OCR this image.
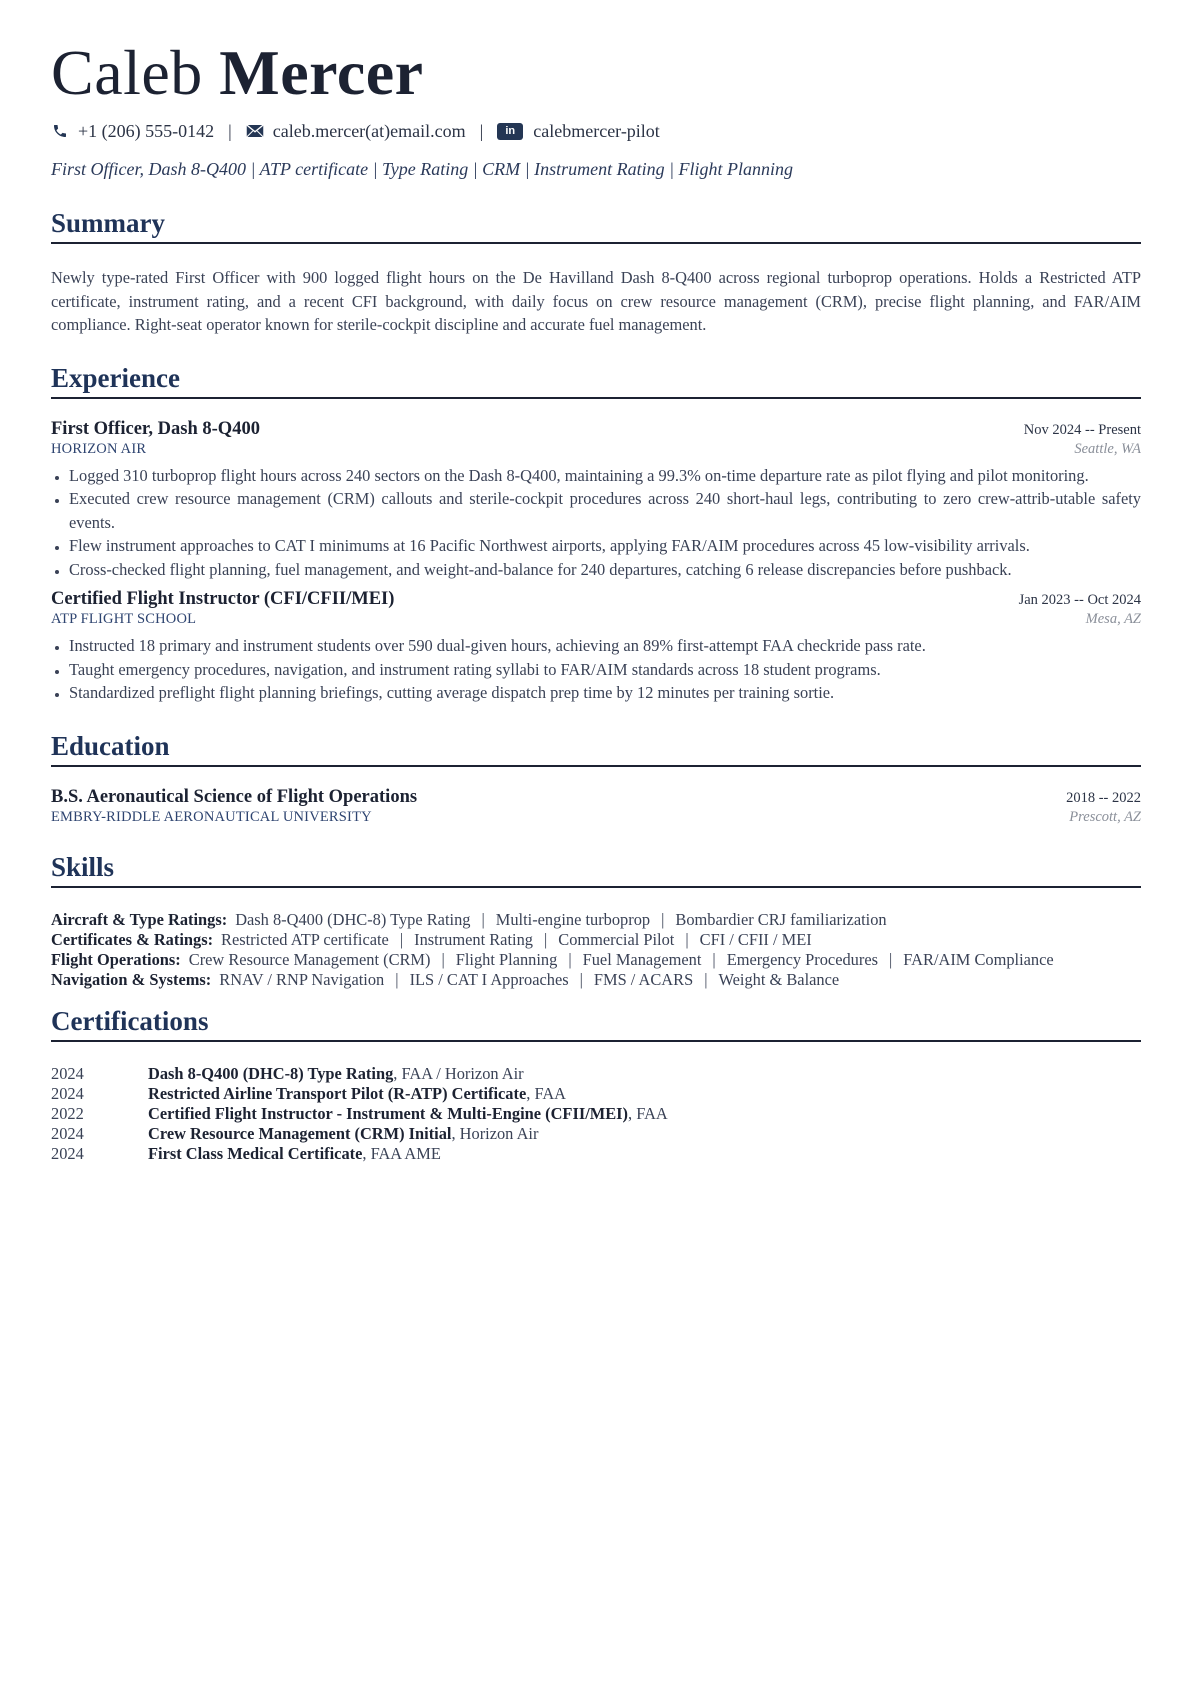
Caleb Mercer
+1 (206) 555-0142 | caleb.mercer(at)email.com |	in	calebmercer-pilot
First Officer, Dash 8-Q400 | ATP certificate | Type Rating | CRM | Instrument Rating | Flight Planning
Summary
Newly type-rated First Officer with 900 logged flight hours on the De Havilland Dash 8-Q400 across regional turboprop operations. Holds a Restricted ATP certificate, instrument rating, and a recent CFI background, with daily focus on crew resource management (CRM), precise flight planning, and FAR/AIM compliance. Right-seat operator known for sterile-cockpit discipline and accurate fuel management.
Experience
First Officer, Dash 8-Q400	Nov 2024 -- Present
HORIZON AIR	Seattle, WA
• Logged 310 turboprop flight hours across 240 sectors on the Dash 8-Q400, maintaining a 99.3% on-time departure rate as pilot flying and pilot monitoring.
• Executed crew resource management (CRM) callouts and sterile-cockpit procedures across 240 short-haul legs, contributing to zero crew-attrib-utable safety events.
• Flew instrument approaches to CAT I minimums at 16 Pacific Northwest airports, applying FAR/AIM procedures across 45 low-visibility arrivals.
• Cross-checked flight planning, fuel management, and weight-and-balance for 240 departures, catching 6 release discrepancies before pushback.
Certified Flight Instructor (CFI/CFII/MEI)	Jan 2023 -- Oct 2024
ATP FLIGHT SCHOOL	Mesa, AZ
• Instructed 18 primary and instrument students over 590 dual-given hours, achieving an 89% first-attempt FAA checkride pass rate.
• Taught emergency procedures, navigation, and instrument rating syllabi to FAR/AIM standards across 18 student programs.
• Standardized preflight flight planning briefings, cutting average dispatch prep time by 12 minutes per training sortie.
Education
B.S. Aeronautical Science of Flight Operations	2018 -- 2022
EMBRY-RIDDLE AERONAUTICAL UNIVERSITY	Prescott, AZ
Skills
Aircraft & Type Ratings: Dash 8-Q400 (DHC-8) Type Rating | Multi-engine turboprop | Bombardier CRJ familiarization
Certificates & Ratings: Restricted ATP certificate | Instrument Rating | Commercial Pilot | CFI / CFII / MEI
Flight Operations: Crew Resource Management (CRM) | Flight Planning | Fuel Management | Emergency Procedures | FAR/AIM Compliance
Navigation & Systems: RNAV / RNP Navigation | ILS / CAT I Approaches | FMS / ACARS | Weight & Balance
Certifications
2024	Dash 8-Q400 (DHC-8) Type Rating, FAA / Horizon Air
2024	Restricted Airline Transport Pilot (R-ATP) Certificate, FAA
2022	Certified Flight Instructor - Instrument & Multi-Engine (CFII/MEI), FAA
2024	Crew Resource Management (CRM) Initial, Horizon Air
2024	First Class Medical Certificate, FAA AME
